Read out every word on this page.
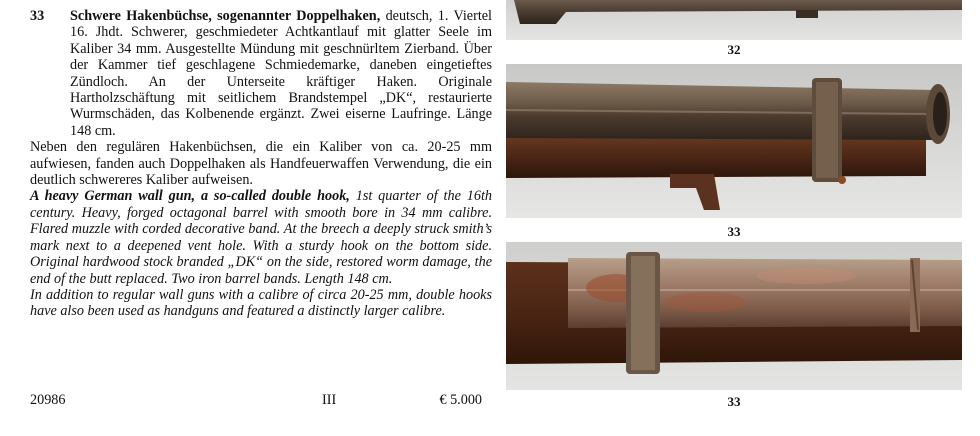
33	Schwere Hakenbüchse, sogenannter Doppelhaken, deutsch, 1. Viertel 16. Jhdt. Schwerer, geschmiedeter Achtkantlauf mit glatter Seele im Kaliber 34 mm. Ausgestellte Mündung mit geschnürltem Zierband. Über der Kammer tief geschlagene Schmiedemarke, daneben eingetieftes Zündloch. An der Unterseite kräftiger Haken. Originale Hartholzschäftung mit seitlichem Brandstempel „DK“, restaurierte Wurmschäden, das Kolbenende ergänzt. Zwei eiserne Laufringe. Länge 148 cm.

Neben den regulären Hakenbüchsen, die ein Kaliber von ca. 20-25 mm aufwiesen, fanden auch Doppelhaken als Handfeuerwaffen Verwendung, die ein deutlich schwereres Kaliber aufweisen.

A heavy German wall gun, a so-called double hook, 1st quarter of the 16th century. Heavy, forged octagonal barrel with smooth bore in 34 mm calibre. Flared muzzle with corded decorative band. At the breech a deeply struck smith’s mark next to a deepened vent hole. With a sturdy hook on the bottom side. Original hardwood stock branded „DK“ on the side, restored worm damage, the end of the butt replaced. Two iron barrel bands. Length 148 cm.

In addition to regular wall guns with a calibre of circa 20-25 mm, double hooks have also been used as handguns and featured a distinctly larger calibre.

20986	III	€ 5.000
32
33
33
